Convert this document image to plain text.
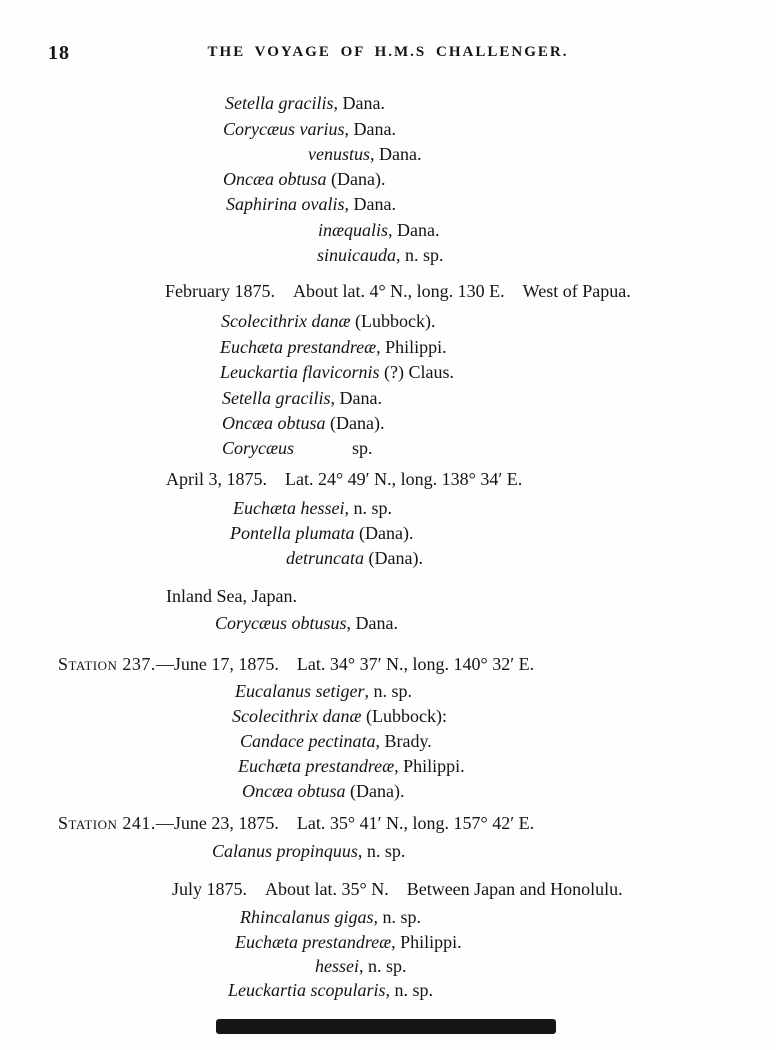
18	THE VOYAGE OF H.M.S CHALLENGER.
Setella gracilis, Dana.
Corycæus varius, Dana.
venustus, Dana.
Oncæa obtusa (Dana).
Saphirina ovalis, Dana.
inæqualis, Dana.
sinuicauda, n. sp.
February 1875. About lat. 4° N., long. 130 E. West of Papua.
Scolecithrix danæ (Lubbock).
Euchæta prestandreæ, Philippi.
Leuckartia flavicornis (?) Claus.
Setella gracilis, Dana.
Oncæa obtusa (Dana).
Corycæus	sp.
April 3, 1875. Lat. 24° 49′ N., long. 138° 34′ E.
Euchæta hessei, n. sp.
Pontella plumata (Dana).
detruncata (Dana).
Inland Sea, Japan.
Corycæus obtusus, Dana.
Station 237.—June 17, 1875. Lat. 34° 37′ N., long. 140° 32′ E.
Eucalanus setiger, n. sp.
Scolecithrix danæ (Lubbock):
Candace pectinata, Brady.
Euchæta prestandreæ, Philippi.
Oncæa obtusa (Dana).
Station 241.—June 23, 1875. Lat. 35° 41′ N., long. 157° 42′ E.
Calanus propinquus, n. sp.
July 1875. About lat. 35° N. Between Japan and Honolulu.
Rhincalanus gigas, n. sp.
Euchæta prestandreæ, Philippi.
hessei, n. sp.
Leuckartia scopularis, n. sp.
